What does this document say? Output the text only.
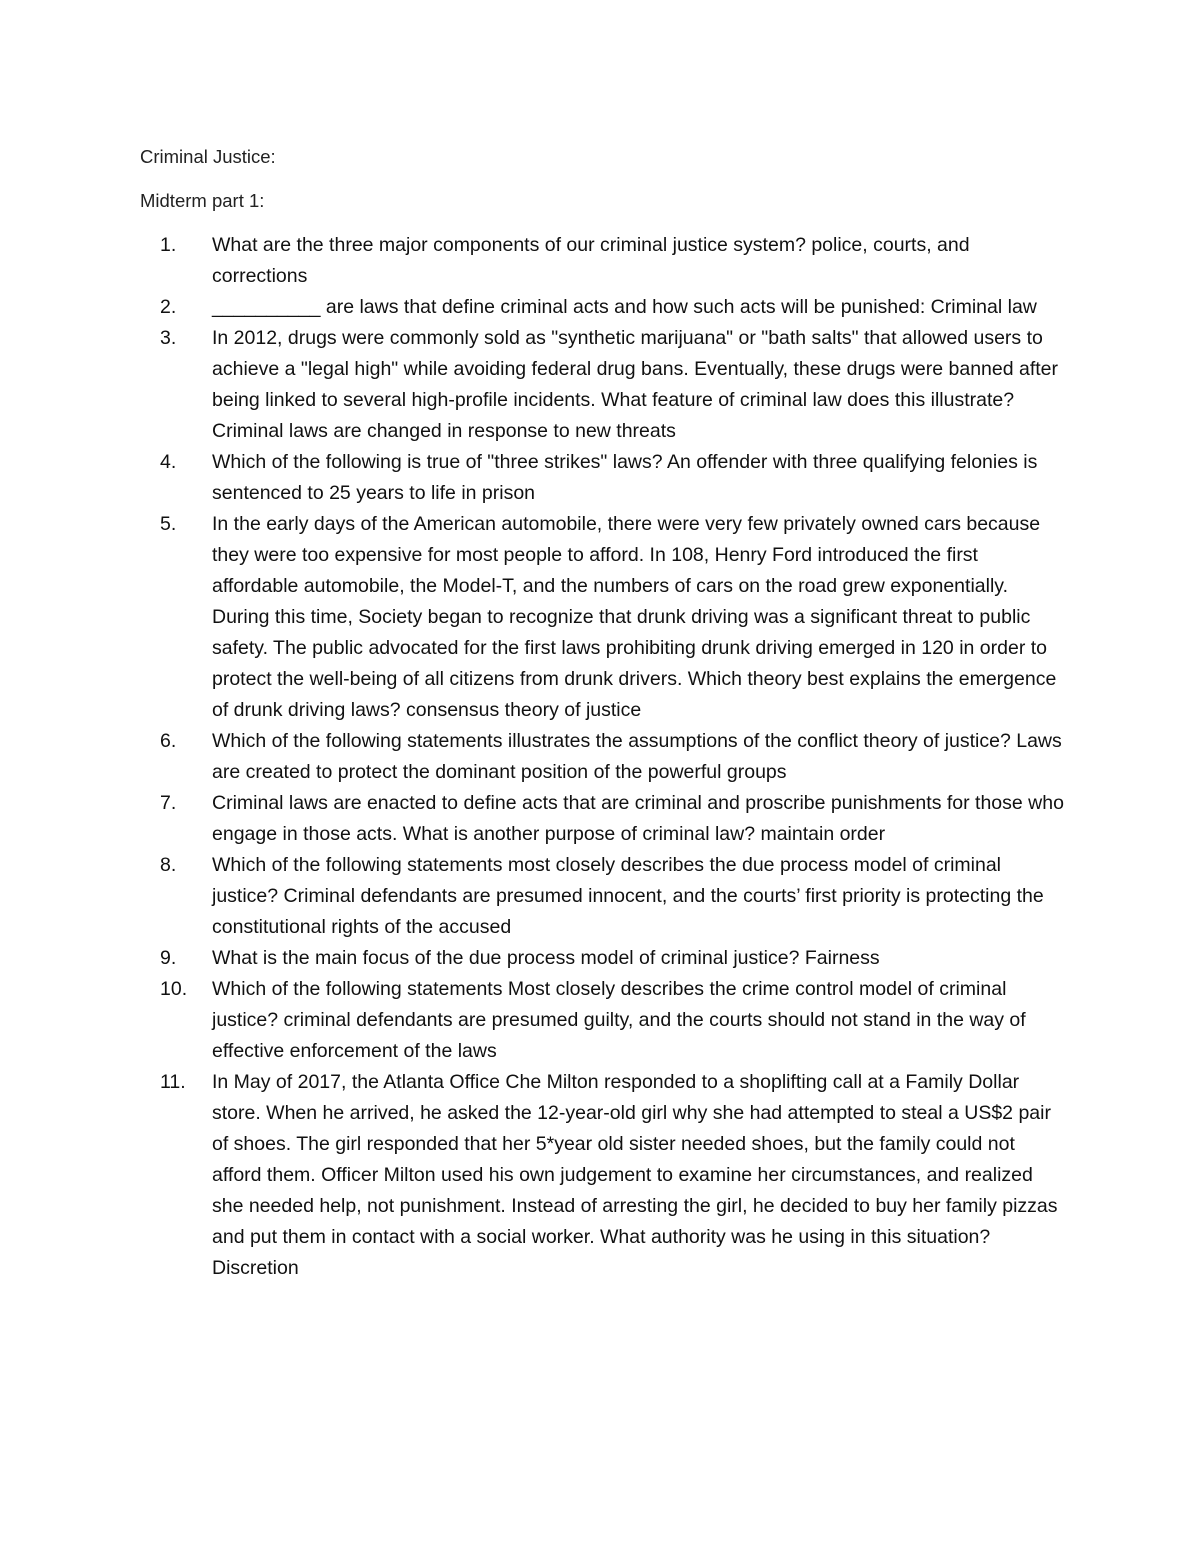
Criminal Justice:

Midterm part 1:

1.	What are the three major components of our criminal justice system? police, courts, and corrections
2.	__________ are laws that define criminal acts and how such acts will be punished: Criminal law
3.	In 2012, drugs were commonly sold as "synthetic marijuana" or "bath salts" that allowed users to achieve a "legal high" while avoiding federal drug bans. Eventually, these drugs were banned after being linked to several high-profile incidents. What feature of criminal law does this illustrate? Criminal laws are changed in response to new threats
4.	Which of the following is true of "three strikes" laws? An offender with three qualifying felonies is sentenced to 25 years to life in prison
5.	In the early days of the American automobile, there were very few privately owned cars because they were too expensive for most people to afford. In 108, Henry Ford introduced the first affordable automobile, the Model-T, and the numbers of cars on the road grew exponentially. During this time, Society began to recognize that drunk driving was a significant threat to public safety. The public advocated for the first laws prohibiting drunk driving emerged in 120 in order to protect the well-being of all citizens from drunk drivers. Which theory best explains the emergence of drunk driving laws? consensus theory of justice
6.	Which of the following statements illustrates the assumptions of the conflict theory of justice? Laws are created to protect the dominant position of the powerful groups
7.	Criminal laws are enacted to define acts that are criminal and proscribe punishments for those who engage in those acts. What is another purpose of criminal law? maintain order
8.	Which of the following statements most closely describes the due process model of criminal justice? Criminal defendants are presumed innocent, and the courts’ first priority is protecting the constitutional rights of the accused
9.	What is the main focus of the due process model of criminal justice? Fairness
10.	Which of the following statements Most closely describes the crime control model of criminal justice? criminal defendants are presumed guilty, and the courts should not stand in the way of effective enforcement of the laws
11.	In May of 2017, the Atlanta Office Che Milton responded to a shoplifting call at a Family Dollar store. When he arrived, he asked the 12-year-old girl why she had attempted to steal a US$2 pair of shoes. The girl responded that her 5*year old sister needed shoes, but the family could not afford them. Officer Milton used his own judgement to examine her circumstances, and realized she needed help, not punishment. Instead of arresting the girl, he decided to buy her family pizzas and put them in contact with a social worker. What authority was he using in this situation? Discretion
